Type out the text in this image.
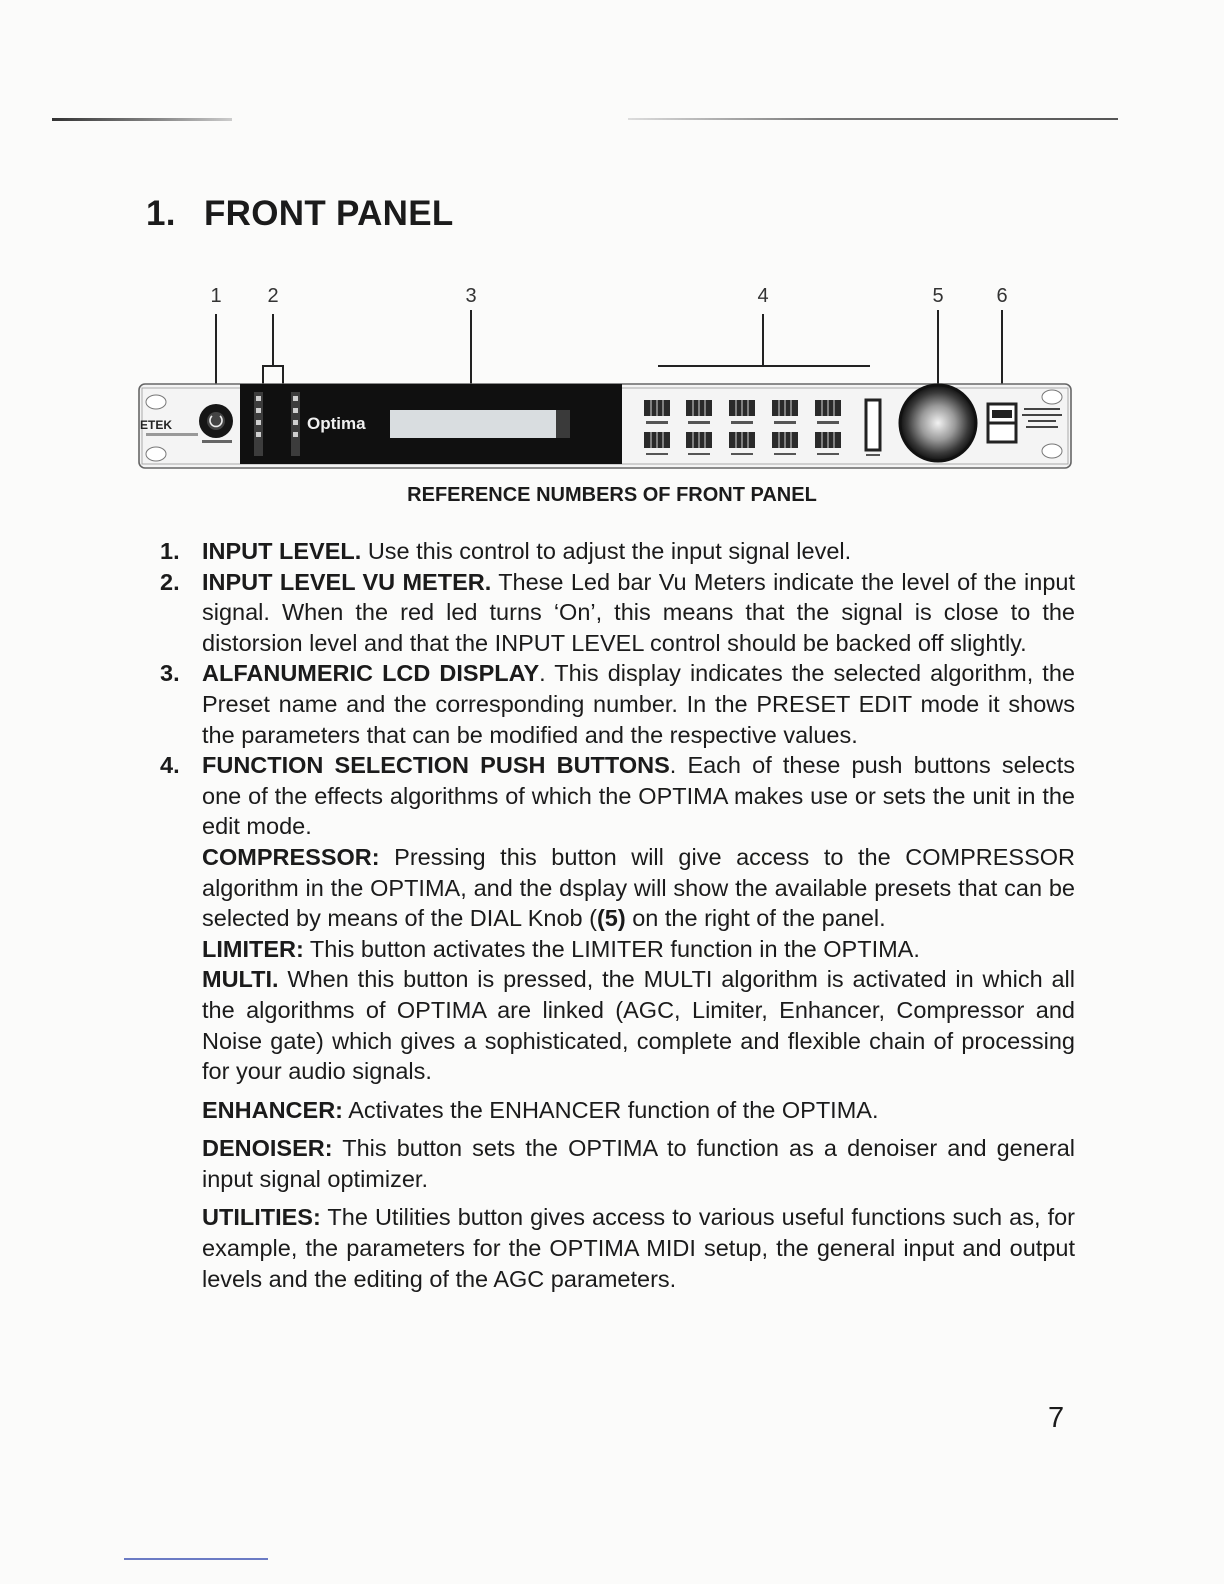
1. FRONT PANEL
1 2	3	4	5	6
ETEK	Optima
REFERENCE NUMBERS OF FRONT PANEL
1. INPUT LEVEL. Use this control to adjust the input signal level.
2. INPUT LEVEL VU METER. These Led bar Vu Meters indicate the level of the input signal. When the red led turns ‘On’, this means that the signal is close to the distorsion level and that the INPUT LEVEL control should be backed off slightly.
3. ALFANUMERIC LCD DISPLAY. This display indicates the selected algorithm, the Preset name and the corresponding number. In the PRESET EDIT mode it shows the parameters that can be modified and the respective values.
4. FUNCTION SELECTION PUSH BUTTONS. Each of these push buttons selects one of the effects algorithms of which the OPTIMA makes use or sets the unit in the edit mode.
COMPRESSOR: Pressing this button will give access to the COMPRESSOR algorithm in the OPTIMA, and the dsplay will show the available presets that can be selected by means of the DIAL Knob ((5) on the right of the panel.
LIMITER: This button activates the LIMITER function in the OPTIMA.
MULTI. When this button is pressed, the MULTI algorithm is activated in which all the algorithms of OPTIMA are linked (AGC, Limiter, Enhancer, Compressor and Noise gate) which gives a sophisticated, complete and flexible chain of processing for your audio signals.
ENHANCER: Activates the ENHANCER function of the OPTIMA.
DENOISER: This button sets the OPTIMA to function as a denoiser and general input signal optimizer.
UTILITIES: The Utilities button gives access to various useful functions such as, for example, the parameters for the OPTIMA MIDI setup, the general input and output levels and the editing of the AGC parameters.
7
